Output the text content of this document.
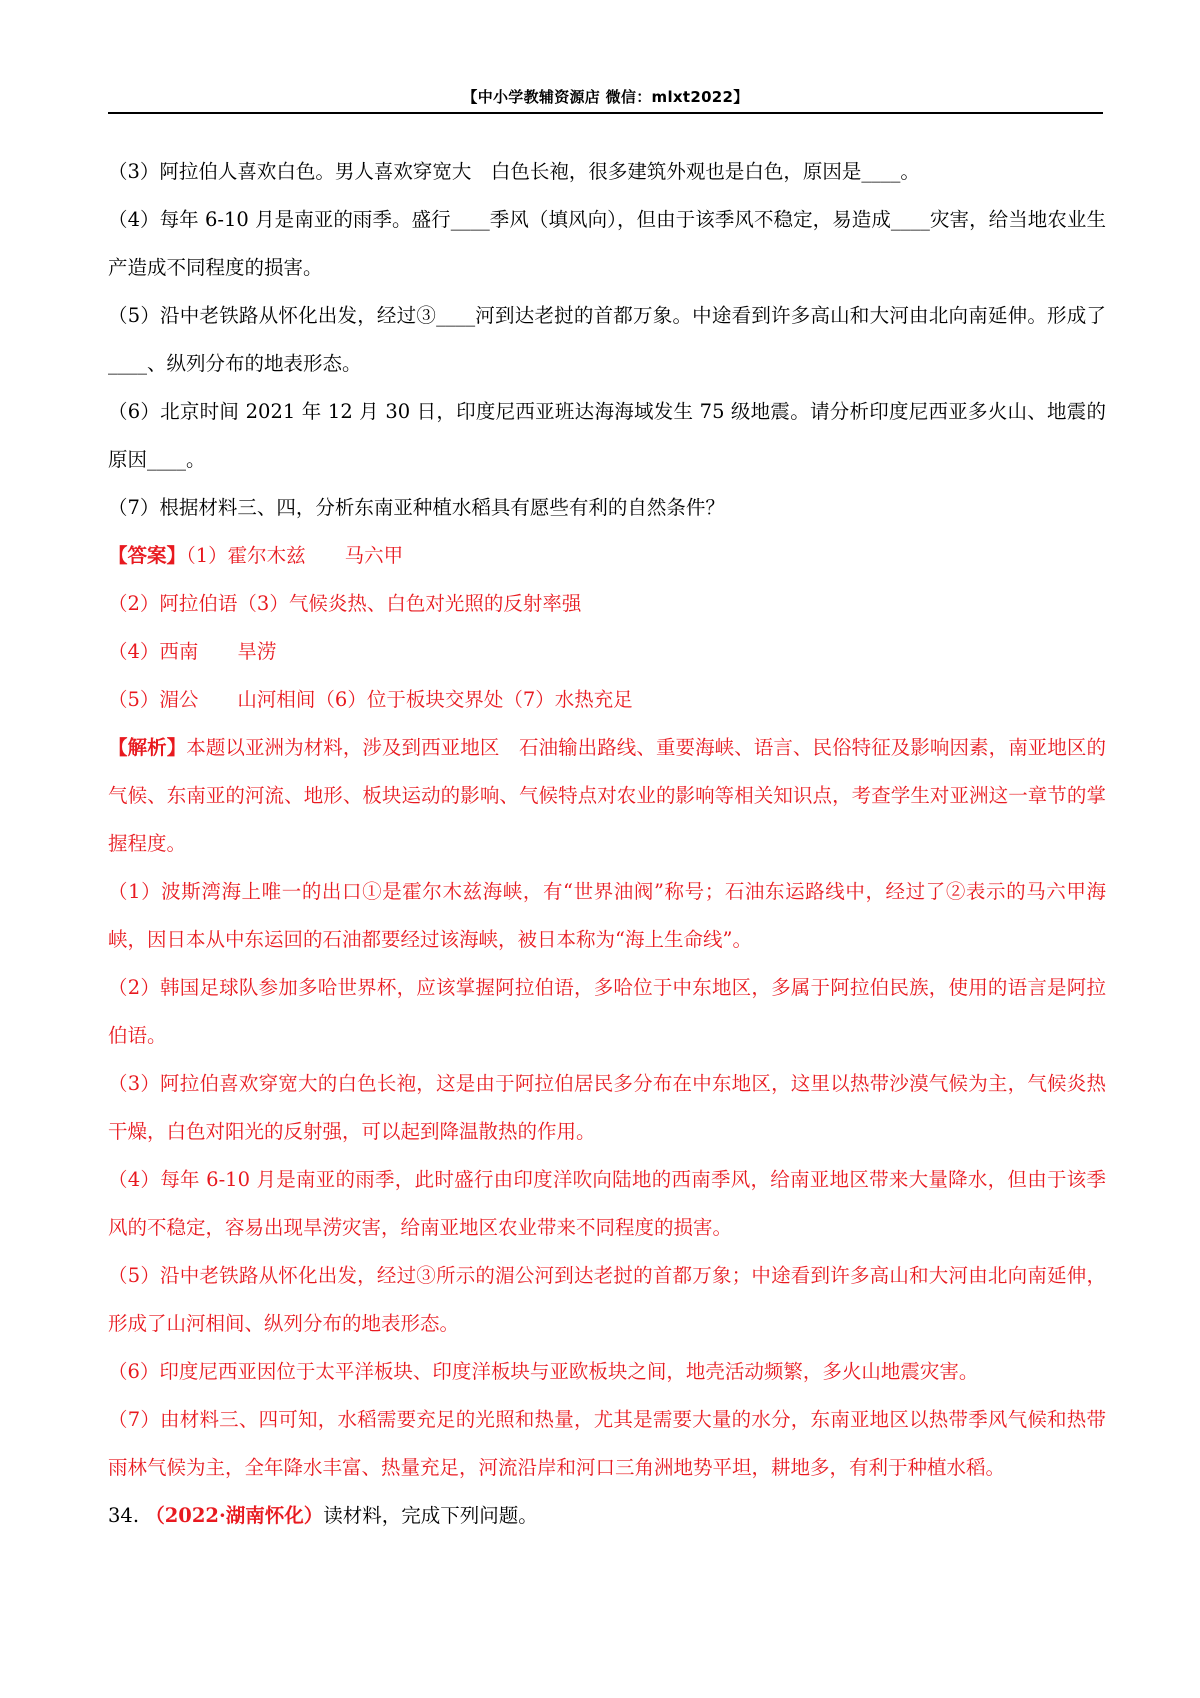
【中小学教辅资源店 微信：mlxt2022】

（3）阿拉伯人喜欢白色。男人喜欢穿宽大　白色长袍，很多建筑外观也是白色，原因是____。

（4）每年 6-10 月是南亚的雨季。盛行____季风（填风向），但由于该季风不稳定，易造成____灾害，给当地农业生产造成不同程度的损害。

（5）沿中老铁路从怀化出发，经过③____河到达老挝的首都万象。中途看到许多高山和大河由北向南延伸。形成了____、纵列分布的地表形态。

（6）北京时间 2021 年 12 月 30 日，印度尼西亚班达海海域发生 75 级地震。请分析印度尼西亚多火山、地震的原因____。

（7）根据材料三、四，分析东南亚种植水稻具有愿些有利的自然条件？

【答案】（1）霍尔木兹　　马六甲

（2）阿拉伯语（3）气候炎热、白色对光照的反射率强

（4）西南　　旱涝

（5）湄公　　山河相间（6）位于板块交界处（7）水热充足

【解析】本题以亚洲为材料，涉及到西亚地区　石油输出路线、重要海峡、语言、民俗特征及影响因素，南亚地区的气候、东南亚的河流、地形、板块运动的影响、气候特点对农业的影响等相关知识点，考查学生对亚洲这一章节的掌握程度。

（1）波斯湾海上唯一的出口①是霍尔木兹海峡，有“世界油阀”称号；石油东运路线中，经过了②表示的马六甲海峡，因日本从中东运回的石油都要经过该海峡，被日本称为“海上生命线”。

（2）韩国足球队参加多哈世界杯，应该掌握阿拉伯语，多哈位于中东地区，多属于阿拉伯民族，使用的语言是阿拉伯语。

（3）阿拉伯喜欢穿宽大的白色长袍，这是由于阿拉伯居民多分布在中东地区，这里以热带沙漠气候为主，气候炎热干燥，白色对阳光的反射强，可以起到降温散热的作用。

（4）每年 6-10 月是南亚的雨季，此时盛行由印度洋吹向陆地的西南季风，给南亚地区带来大量降水，但由于该季风的不稳定，容易出现旱涝灾害，给南亚地区农业带来不同程度的损害。

（5）沿中老铁路从怀化出发，经过③所示的湄公河到达老挝的首都万象；中途看到许多高山和大河由北向南延伸，形成了山河相间、纵列分布的地表形态。

（6）印度尼西亚因位于太平洋板块、印度洋板块与亚欧板块之间，地壳活动频繁，多火山地震灾害。

（7）由材料三、四可知，水稻需要充足的光照和热量，尤其是需要大量的水分，东南亚地区以热带季风气候和热带雨林气候为主，全年降水丰富、热量充足，河流沿岸和河口三角洲地势平坦，耕地多，有利于种植水稻。

34. （2022·湖南怀化）读材料，完成下列问题。
